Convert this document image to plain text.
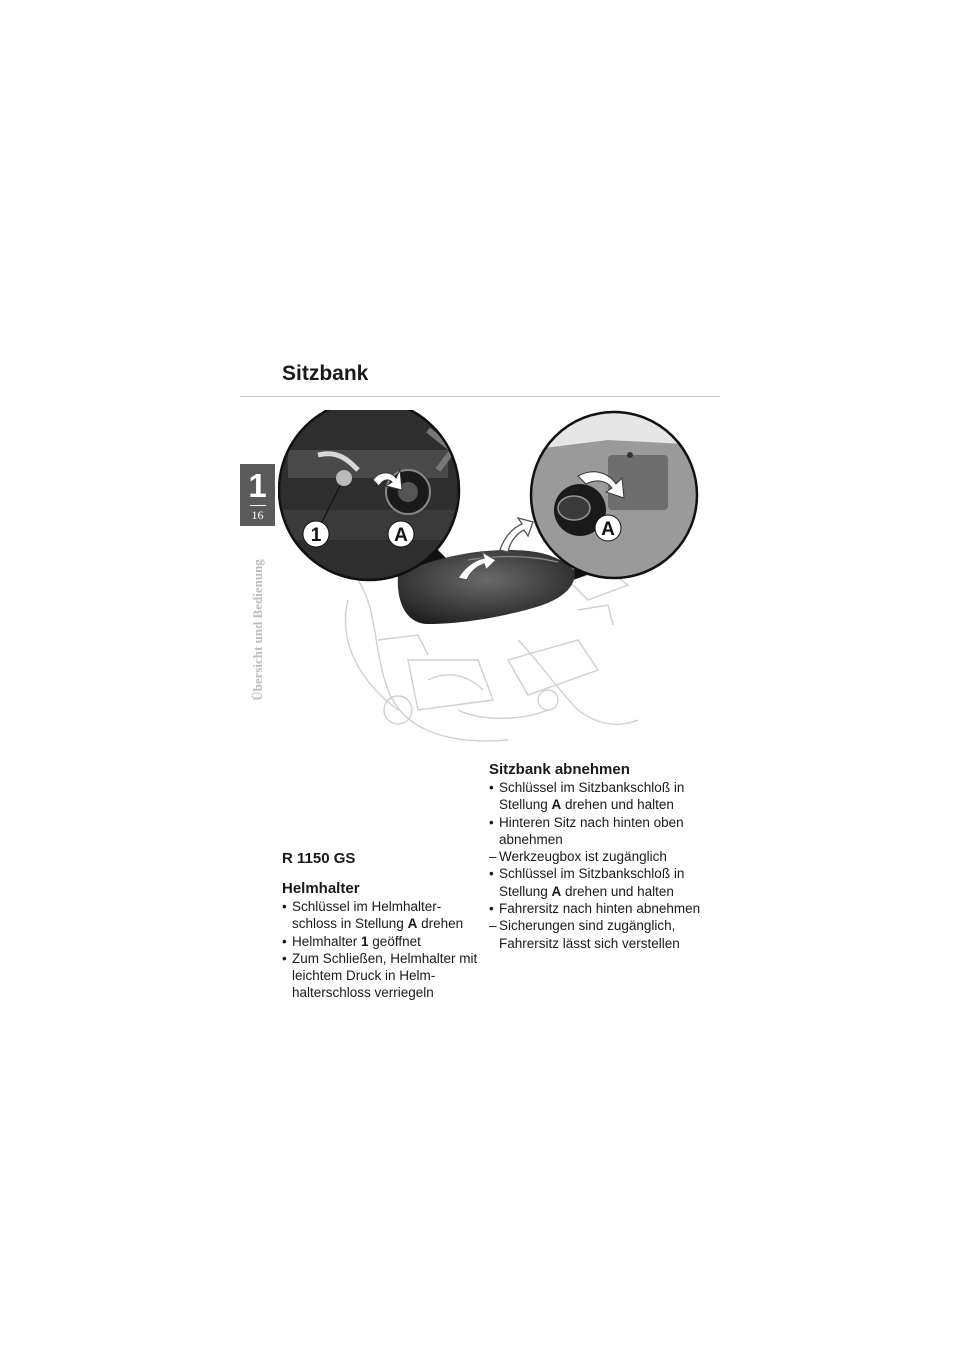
Sitzbank
1
16
Übersicht und Bedienung
1	A	A
R 1150 GS

Helmhalter

• Schlüssel im Helmhalter-schloss in Stellung A drehen
• Helmhalter 1 geöffnet
• Zum Schließen, Helmhalter mit leichtem Druck in Helm-halterschloss verriegeln

Sitzbank abnehmen

• Schlüssel im Sitzbankschloß in Stellung A drehen und halten
• Hinteren Sitz nach hinten oben abnehmen
– Werkzeugbox ist zugänglich
• Schlüssel im Sitzbankschloß in Stellung A drehen und halten
• Fahrersitz nach hinten abnehmen
– Sicherungen sind zugänglich, Fahrersitz lässt sich verstellen
